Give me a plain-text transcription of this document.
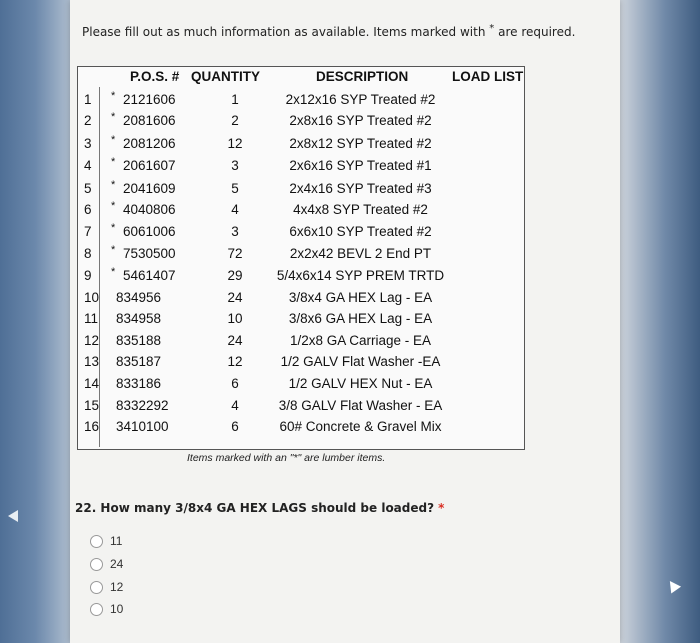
Please fill out as much information as available. Items marked with * are required.
P.O.S. # QUANTITY	DESCRIPTION	LOAD LIST
1 * 2121606	1	2x12x16 SYP Treated #2
2 * 2081606	2	2x8x16 SYP Treated #2
3 * 2081206	12	2x8x12 SYP Treated #2
4 * 2061607	3	2x6x16 SYP Treated #1
5 * 2041609	5	2x4x16 SYP Treated #3
6 * 4040806	4	4x4x8 SYP Treated #2
7 * 6061006	3	6x6x10 SYP Treated #2
8 * 7530500	72	2x2x42 BEVL 2 End PT
9 * 5461407	29	5/4x6x14 SYP PREM TRTD
10 834956	24	3/8x4 GA HEX Lag - EA
11 834958	10	3/8x6 GA HEX Lag - EA
12 835188	24	1/2x8 GA Carriage - EA
13 835187	12	1/2 GALV Flat Washer -EA
14 833186	6	1/2 GALV HEX Nut - EA
15 8332292	4	3/8 GALV Flat Washer - EA
16 3410100	6	60# Concrete & Gravel Mix
Items marked with an "*" are lumber items.
22. How many 3/8x4 GA HEX LAGS should be loaded? *
11
24
12
10
